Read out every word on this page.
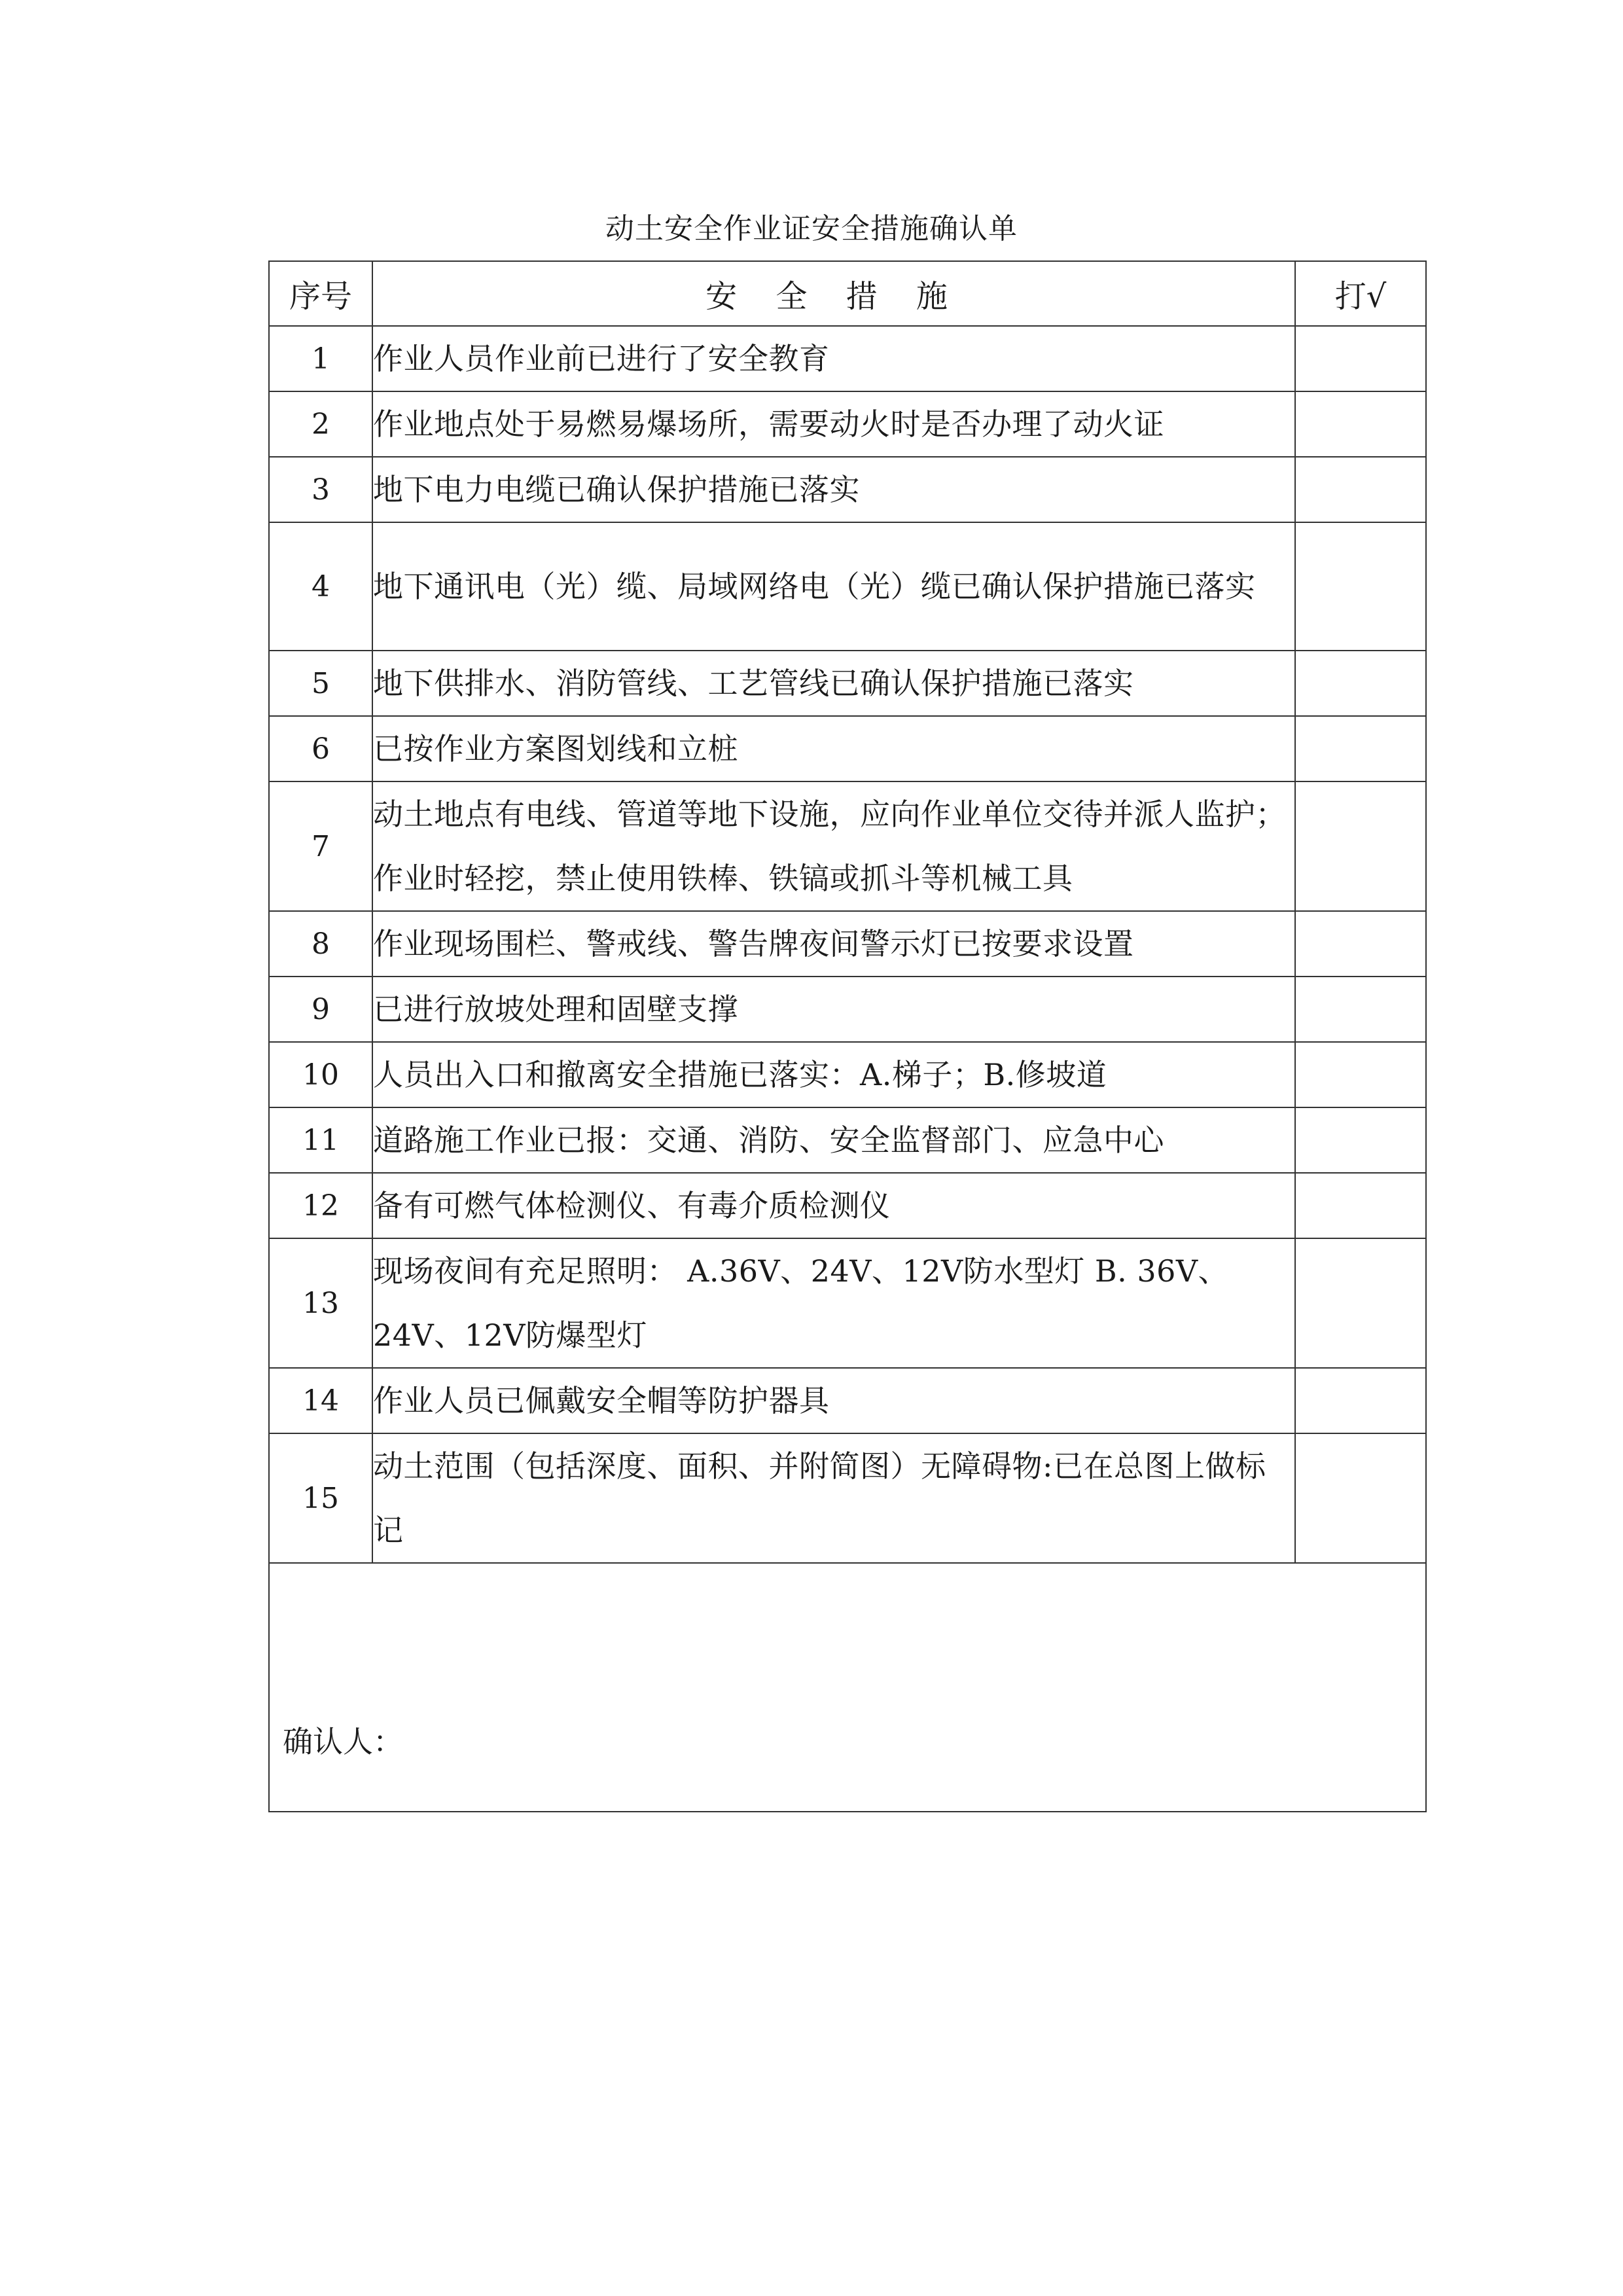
动土安全作业证安全措施确认单
序号	安 全 措 施	打√
1	作业人员作业前已进行了安全教育	
2	作业地点处于易燃易爆场所，需要动火时是否办理了动火证	
3	地下电力电缆已确认保护措施已落实	
4	地下通讯电（光）缆、局域网络电（光）缆已确认保护措施已落实	
5	地下供排水、消防管线、工艺管线已确认保护措施已落实	
6	已按作业方案图划线和立桩	
7	动土地点有电线、管道等地下设施，应向作业单位交待并派人监护；作业时轻挖，禁止使用铁棒、铁镐或抓斗等机械工具	
8	作业现场围栏、警戒线、警告牌夜间警示灯已按要求设置	
9	已进行放坡处理和固壁支撑	
10	人员出入口和撤离安全措施已落实：A.梯子；B.修坡道	
11	道路施工作业已报：交通、消防、安全监督部门、应急中心	
12	备有可燃气体检测仪、有毒介质检测仪	
13	现场夜间有充足照明： A.36V、24V、12V防水型灯 B. 36V、24V、12V防爆型灯	
14	作业人员已佩戴安全帽等防护器具	
15	动土范围（包括深度、面积、并附简图）无障碍物:已在总图上做标记	

确认人：		
